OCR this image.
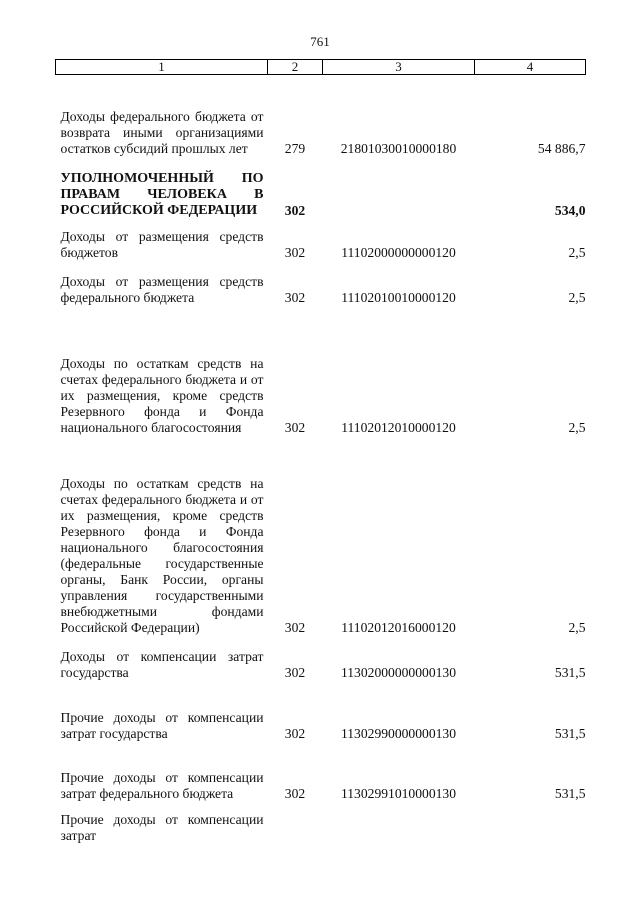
761
1	2	3	4
Доходы федерального бюджета от возврата иными организациями остатков субсидий прошлых лет	279	21801030010000180	54 886,7
УПОЛНОМОЧЕННЫЙ ПО ПРАВАМ ЧЕЛОВЕКА В РОССИЙСКОЙ ФЕДЕРАЦИИ	302		534,0
Доходы от размещения средств бюджетов	302	11102000000000120	2,5
Доходы от размещения средств федерального бюджета	302	11102010010000120	2,5
Доходы по остаткам средств на счетах федерального бюджета и от их размещения, кроме средств Резервного фонда и Фонда национального благосостояния	302	11102012010000120	2,5
Доходы по остаткам средств на счетах федерального бюджета и от их размещения, кроме средств Резервного фонда и Фонда национального благосостояния (федеральные государственные органы, Банк России, органы управления государственными внебюджетными фондами Российской Федерации)	302	11102012016000120	2,5
Доходы от компенсации затрат государства	302	11302000000000130	531,5
Прочие доходы от компенсации затрат государства	302	11302990000000130	531,5
Прочие доходы от компенсации затрат федерального бюджета	302	11302991010000130	531,5
Прочие доходы от компенсации затрат			
